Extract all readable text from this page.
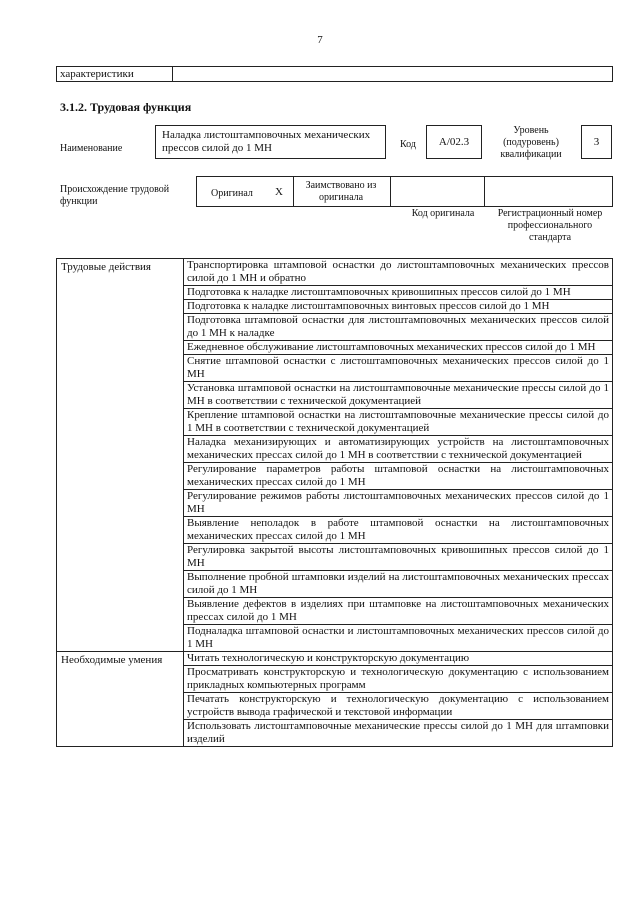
7
характеристики
3.1.2. Трудовая функция
Наименование
Наладка листоштамповочных механических прессов силой до 1 МН	Код	A/02.3
Уровень (подуровень) квалификации
3
Происхождение трудовой функции
Оригинал X
Заимствовано из оригинала
Код оригинала	Регистрационный номер профессионального стандарта
Трудовые действия	Транспортировка штамповой оснастки до листоштамповочных механических прессов силой до 1 МН и обратно
	Подготовка к наладке листоштамповочных кривошипных прессов силой до 1 МН
	Подготовка к наладке листоштамповочных винтовых прессов силой до 1 МН
	Подготовка штамповой оснастки для листоштамповочных механических прессов силой до 1 МН к наладке
	Ежедневное обслуживание листоштамповочных механических прессов силой до 1 МН
	Снятие штамповой оснастки с листоштамповочных механических прессов силой до 1 МН
	Установка штамповой оснастки на листоштамповочные механические прессы силой до 1 МН в соответствии с технической документацией
	Крепление штамповой оснастки на листоштамповочные механические прессы силой до 1 МН в соответствии с технической документацией
	Наладка механизирующих и автоматизирующих устройств на листоштамповочных механических прессах силой до 1 МН в соответствии с технической документацией
	Регулирование параметров работы штамповой оснастки на листоштамповочных механических прессах силой до 1 МН
	Регулирование режимов работы листоштамповочных механических прессов силой до 1 МН
	Выявление неполадок в работе штамповой оснастки на листоштамповочных механических прессах силой до 1 МН
	Регулировка закрытой высоты листоштамповочных кривошипных прессов силой до 1 МН
	Выполнение пробной штамповки изделий на листоштамповочных механических прессах силой до 1 МН
	Выявление дефектов в изделиях при штамповке на листоштамповочных механических прессах силой до 1 МН
	Подналадка штамповой оснастки и листоштамповочных механических прессов силой до 1 МН
Необходимые умения	Читать технологическую и конструкторскую документацию
	Просматривать конструкторскую и технологическую документацию с использованием прикладных компьютерных программ
	Печатать конструкторскую и технологическую документацию с использованием устройств вывода графической и текстовой информации
	Использовать листоштамповочные механические прессы силой до 1 МН для штамповки изделий
